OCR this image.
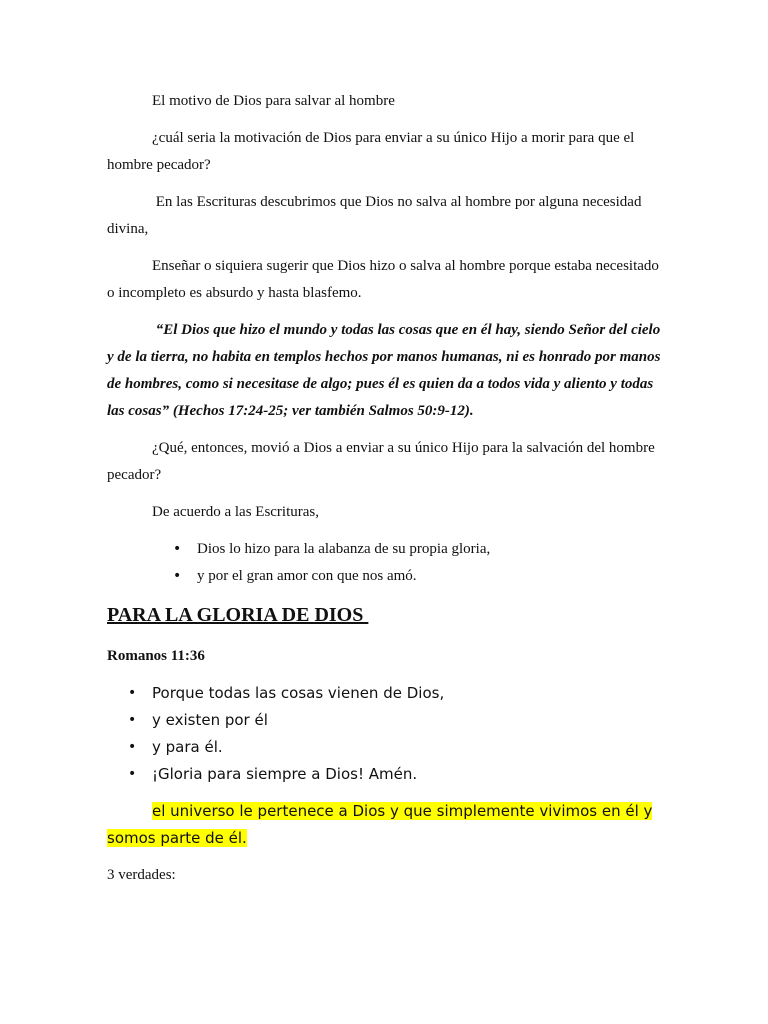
El motivo de Dios para salvar al hombre

¿cuál seria la motivación de Dios para enviar a su único Hijo a morir para que el hombre pecador?

En las Escrituras descubrimos que Dios no salva al hombre por alguna necesidad divina,

Enseñar o siquiera sugerir que Dios hizo o salva al hombre porque estaba necesitado o incompleto es absurdo y hasta blasfemo.

“El Dios que hizo el mundo y todas las cosas que en él hay, siendo Señor del cielo y de la tierra, no habita en templos hechos por manos humanas, ni es honrado por manos de hombres, como si necesitase de algo; pues él es quien da a todos vida y aliento y todas las cosas” (Hechos 17:24-25; ver también Salmos 50:9-12).

¿Qué, entonces, movió a Dios a enviar a su único Hijo para la salvación del hombre pecador?

De acuerdo a las Escrituras,

• Dios lo hizo para la alabanza de su propia gloria,
• y por el gran amor con que nos amó.
PARA LA GLORIA DE DIOS

Romanos 11:36

• Porque todas las cosas vienen de Dios,
• y existen por él
• y para él.
• ¡Gloria para siempre a Dios! Amén.

el universo le pertenece a Dios y que simplemente vivimos en él y somos parte de él.

3 verdades:
